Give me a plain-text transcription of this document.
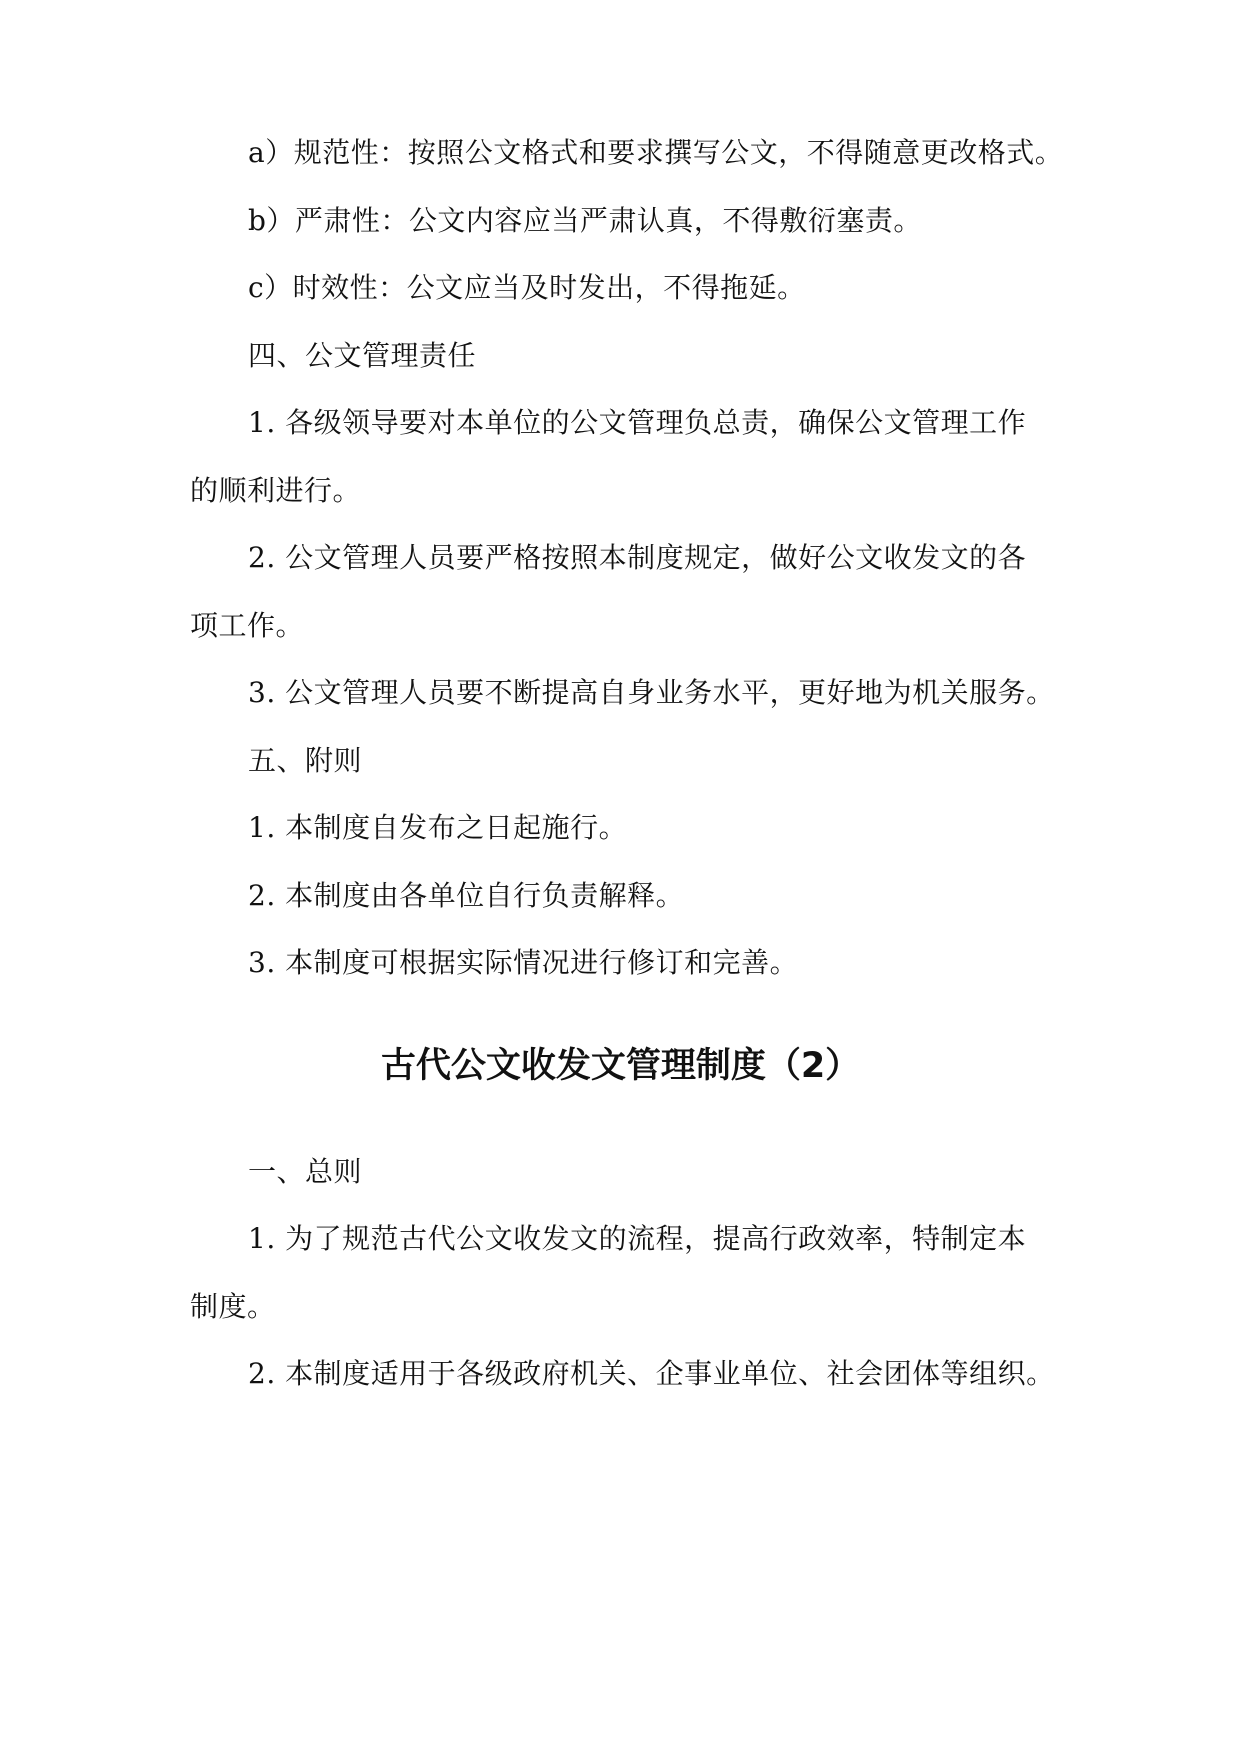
a）规范性：按照公文格式和要求撰写公文，不得随意更改格式。
b）严肃性：公文内容应当严肃认真，不得敷衍塞责。
c）时效性：公文应当及时发出，不得拖延。
四、公文管理责任
1. 各级领导要对本单位的公文管理负总责，确保公文管理工作
的顺利进行。
2. 公文管理人员要严格按照本制度规定，做好公文收发文的各
项工作。
3. 公文管理人员要不断提高自身业务水平，更好地为机关服务。
五、附则
1. 本制度自发布之日起施行。
2. 本制度由各单位自行负责解释。
3. 本制度可根据实际情况进行修订和完善。
古代公文收发文管理制度（2）
一、总则
1. 为了规范古代公文收发文的流程，提高行政效率，特制定本
制度。
2. 本制度适用于各级政府机关、企事业单位、社会团体等组织。
